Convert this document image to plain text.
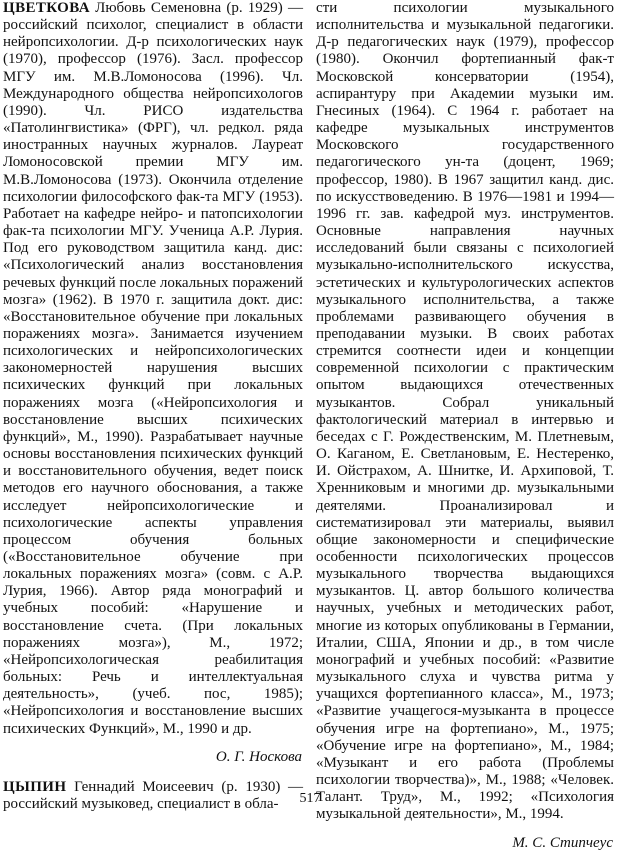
ЦВЕТКОВА Любовь Семеновна (р. 1929) — российский психолог, специалист в области нейропсихологии. Д-р психологических наук (1970), профессор (1976). Засл. профессор МГУ им. М.В.Ломоносова (1996). Чл. Международного общества нейропсихологов (1990). Чл. РИСО издательства «Патолингвистика» (ФРГ), чл. редкол. ряда иностранных научных журналов. Лауреат Ломоносовской премии МГУ им. М.В.Ломоносова (1973). Окончила отделение психологии философского фак-та МГУ (1953). Работает на кафедре нейро- и патопсихологии фак-та психологии МГУ. Ученица А.Р. Лурия. Под его руководством защитила канд. дис: «Психологический анализ восстановления речевых функций после локальных поражений мозга» (1962). В 1970 г. защитила докт. дис: «Восстановительное обучение при локальных поражениях мозга». Занимается изучением психологических и нейропсихологических закономерностей нарушения высших психических функций при локальных поражениях мозга («Нейропсихология и восстановление высших психических функций», М., 1990). Разрабатывает научные основы восстановления психических функций и восстановительного обучения, ведет поиск методов его научного обоснования, а также исследует нейропсихологические и психологические аспекты управления процессом обучения больных («Восстановительное обучение при локальных поражениях мозга» (совм. с А.Р. Лурия, 1966). Автор ряда монографий и учебных пособий: «Нарушение и восстановление счета. (При локальных поражениях мозга»), М., 1972; «Нейропсихологическая реабилитация больных: Речь и интеллектуальная деятельность», (учеб. пос, 1985); «Нейропсихология и восстановление высших психических Функций», М., 1990 и др.
О. Г. Носкова
ЦЫПИН Геннадий Моисеевич (р. 1930) — российский музыковед, специалист в обла-
сти психологии музыкального исполнительства и музыкальной педагогики. Д-р педагогических наук (1979), профессор (1980). Окончил фортепианный фак-т Московской консерватории (1954), аспирантуру при Академии музыки им. Гнесиных (1964). С 1964 г. работает на кафедре музыкальных инструментов Московского государственного педагогического ун-та (доцент, 1969; профессор, 1980). В 1967 защитил канд. дис. по искусствоведению. В 1976—1981 и 1994—1996 гг. зав. кафедрой муз. инструментов. Основные направления научных исследований были связаны с психологией музыкально-исполнительского искусства, эстетических и культурологических аспектов музыкального исполнительства, а также проблемами развивающего обучения в преподавании музыки. В своих работах стремится соотнести идеи и концепции современной психологии с практическим опытом выдающихся отечественных музыкантов. Собрал уникальный фактологический материал в интервью и беседах с Г. Рождественским, М. Плетневым, О. Каганом, Е. Светлановым, Е. Нестеренко, И. Ойстрахом, А. Шнитке, И. Архиповой, Т. Хренниковым и многими др. музыкальными деятелями. Проанализировал и систематизировал эти материалы, выявил общие закономерности и специфические особенности психологических процессов музыкального творчества выдающихся музыкантов. Ц. автор большого количества научных, учебных и методических работ, многие из которых опубликованы в Германии, Италии, США, Японии и др., в том числе монографий и учебных пособий: «Развитие музыкального слуха и чувства ритма у учащихся фортепианного класса», М., 1973; «Развитие учащегося-музыканта в процессе обучения игре на фортепиано», М., 1975; «Обучение игре на фортепиано», М., 1984; «Музыкант и его работа (Проблемы психологии творчества)», М., 1988; «Человек. Талант. Труд», М., 1992; «Психология музыкальной деятельности», М., 1994.
М. С. Стипчеус
517
